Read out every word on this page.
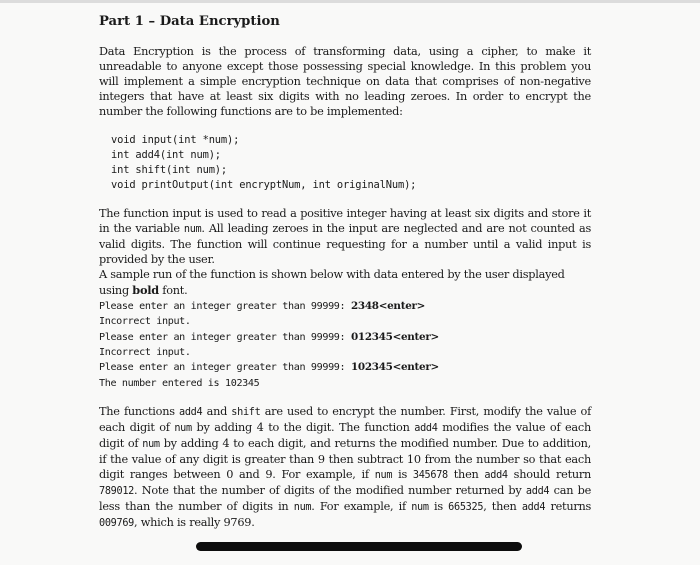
Part 1 – Data Encryption

Data Encryption is the process of transforming data, using a cipher, to make it unreadable to anyone except those possessing special knowledge. In this problem you will implement a simple encryption technique on data that comprises of non-negative integers that have at least six digits with no leading zeroes. In order to encrypt the number the following functions are to be implemented:

void input(int *num);
int add4(int num);
int shift(int num);
void printOutput(int encryptNum, int originalNum);

The function input is used to read a positive integer having at least six digits and store it in the variable num. All leading zeroes in the input are neglected and are not counted as valid digits. The function will continue requesting for a number until a valid input is provided by the user.

A sample run of the function is shown below with data entered by the user displayed using bold font.

Please enter an integer greater than 99999: 2348<enter>
Incorrect input.
Please enter an integer greater than 99999: 012345<enter>
Incorrect input.
Please enter an integer greater than 99999: 102345<enter>
The number entered is 102345

The functions add4 and shift are used to encrypt the number. First, modify the value of each digit of num by adding 4 to the digit. The function add4 modifies the value of each digit of num by adding 4 to each digit, and returns the modified number. Due to addition, if the value of any digit is greater than 9 then subtract 10 from the number so that each digit ranges between 0 and 9. For example, if num is 345678 then add4 should return 789012. Note that the number of digits of the modified number returned by add4 can be less than the number of digits in num. For example, if num is 665325, then add4 returns 009769, which is really 9769.
